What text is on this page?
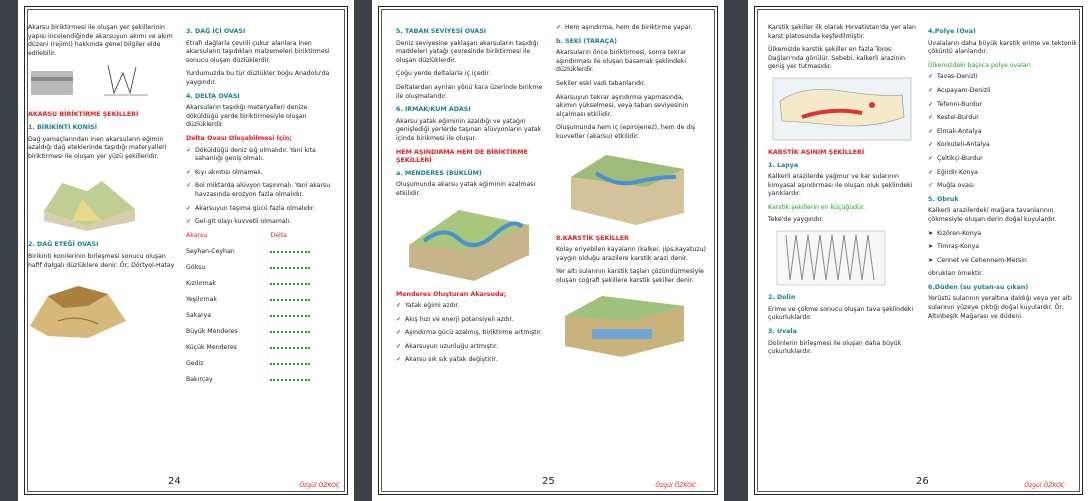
Akarsu biriktirmesi ile oluşan yer şekillerinin yapısı incelendiğinde akarsuyun akımı ve akım düzeni (rejimi) hakkında genel bilgiler elde edilebilir.

AKARSU BİRİKTİRME ŞEKİLLERİ
1. BİRİKİNTİ KONİSİ

Dağ yamaçlarından inen akarsuların eğimin azaldığı dağ eteklerinde taşıdığı materyalleri biriktirmesi ile oluşan yer yüzü şekilleridir.

2. DAĞ ETEĞİ OVASI

Birikinti konilerinin birleşmesi sonucu oluşan hafif dalgalı düzlüklere denir. Ör; Dörtyol-Hatay

3. DAĞ İÇİ OVASI

Etrafı dağlarla çevrili çukur alanlara inen akarsuların taşıdıkları malzemeleri biriktirmesi sonucu oluşan düzlüklerdir.

Yurdumuzda bu tür düzlükler boğu Anadolu'da yaygındır.

4. DELTA OVASI

Akarsuların taşıdığı materyalleri denize döküldüğü yerde biriktirmesiyle oluşan düzlüklerdir.

Delta Ovası Oluşabilmesi İçin;
✓ Döküldüğü deniz sığ olmalıdır. Yani kıta sahanlığı geniş olmalı.
✓ Kıyı akıntısı olmamalı.
✓ Bol miktarda alüvyon taşınmalı. Yani akarsu havzasında erozyon fazla olmalıdır.
✓ Akarsuyun taşıma gücü fazla olmalıdır.
✓ Gel-git olayı kuvvetli olmamalı.
Akarsu	Delta
Seyhan-Ceyhan	
Göksu	
Kızılırmak	
Yeşilırmak	
Sakarya	
Büyük Menderes	
Küçük Menderes	
Gediz	
Bakırçay	
24	Özgül ÖZKOÇ
5. TABAN SEVİYESİ OVASI

Deniz seviyesine yaklaşan akarsuların taşıdığı maddeleri yatağı çevresinde biriktirmesi ile oluşan düzlüklerdir.

Çoğu yerde deltalarla iç içedir.

Deltalardan ayrılan yönü kara üzerinde birikme ile oluşmalarıdır.

6. IRMAK/KUM ADASI

Akarsu yatak eğiminin azaldığı ve yatağın genişlediği yerlerde taşınan alüvyonların yatak içinde birikmesi ile oluşur.

HEM AŞINDIRMA HEM DE BİRİKTİRME ŞEKİLLERİ
a. MENDERES (BÜKLÜM)

Oluşumunda akarsu yatak eğiminin azalması etkilidir.

Menderes Oluşturan Akarsuda;
✓ Yatak eğimi azdır.
✓ Akış hızı ve enerji potansiyeli azdır.
✓ Aşındırma gücü azalmış, biriktirme artmıştır.
✓ Akarsuyun uzunluğu artmıştır.
✓ Akarsu sık sık yatak değiştirir.
✓ Hem aşındırma, hem de biriktirme yapar.
b. SEKİ (TARAÇA)

Akarsuların önce biriktirmesi, sonra tekrar aşındırması ile oluşan basamak şeklindeki düzlüklerdir.

Sekiler eski vadi tabanlarıdır.

Akarsuyun tekrar aşındırma yapmasında, akımın yükselmesi, veya taban seviyesinin alçalması etkilidir.

Oluşumunda hem iç (epirojenez), hem de dış kuvvetler (akarsu) etkilidir.

8.KARSTİK ŞEKİLLER

Kolay eriyebilen kayaların (kalker, jips,kayatuzu) yaygın olduğu arazilere karstik arazi denir.

Yer altı sularının karstik taşları çözündürmesiyle oluşan coğrafi şekillere karstik şekiller denir.

25	Özgül ÖZKOÇ

Karstik şekiller ilk olarak Hırvatistan'da yer alan karst platosunda keşfedilmiştir.

Ülkemizde karstik şekiller en fazla Toros Dağları'nda görülür. Sebebi, kalkerli arazinin geniş yer tutmasıdır.

KARSTİK AŞINIM ŞEKİLLERİ
1. Lapya

Kalkerli arazilerde yağmur ve kar sularının kimyasal aşındırması ile oluşan oluk şeklindeki yarıklardır.

Karstik şekillerin en küçüğüdür.

Teke'de yaygındır.

2. Dolin

Erime ve çökme sonucu oluşan tava şeklindeki çukurluklardır.

3. Uvala

Dolinlerin birleşmesi ile oluşan daha büyük çukurluklardır.

4.Polye (Ova)

Uvalaların daha büyük karstik erime ve tektonik çöküntü alanlarıdır.

Ülkemizdeki başlıca polye ovaları
✓ Tavas-Denizli
✓ Acıpayam-Denizli
✓ Tefenni-Burdur
✓ Kestel-Burdur
✓ Elmalı-Antalya
✓ Korkuteli-Antalya
✓ Çeltikçi-Burdur
✓ Eğirdir-Konya
✓ Muğla ovası
5. Obruk

Kalkerli arazilerdeki mağara tavanlarının çökmesiyle oluşan derin doğal kuyulardır.

➤ Kızören-Konya
➤ Timraş-Konya
➤ Cennet ve Cehennem-Mersin

obrukları örnektir.

6.Düden (su yutan-su çıkan)

Yerüstü sularının yeraltına daldığı veya yer altı sularının yüzeye çıktığı doğal kuyulardır. Ör; Altınbeşik Mağarası ve düdeni.

26	Özgül ÖZKOÇ
